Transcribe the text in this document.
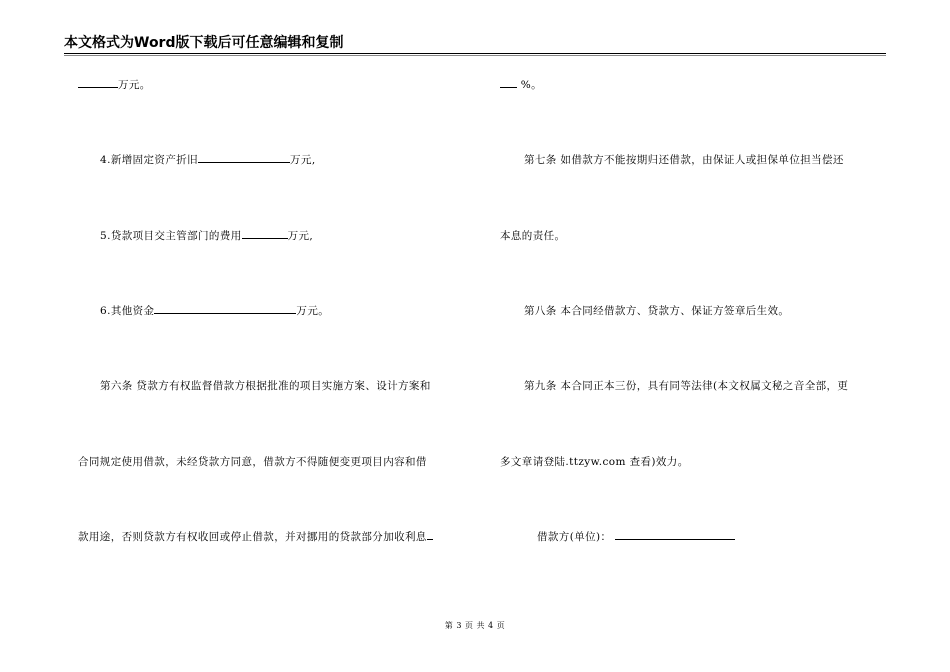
本文格式为Word版下载后可任意编辑和复制
万元。
4.新增固定资产折旧	万元,
5.贷款项目交主管部门的费用	万元,
6.其他资金	万元。
第六条 贷款方有权监督借款方根据批准的项目实施方案、设计方案和
合同规定使用借款，未经贷款方同意，借款方不得随便变更项目内容和借
款用途，否则贷款方有权收回或停止借款，并对挪用的贷款部分加收利息
%。
第七条 如借款方不能按期归还借款，由保证人或担保单位担当偿还
本息的责任。
第八条 本合同经借款方、贷款方、保证方签章后生效。
第九条 本合同正本三份，具有同等法律(本文权属文秘之音全部，更
多文章请登陆.ttzyw.com 查看)效力。
借款方(单位)：
第 3 页 共 4 页
